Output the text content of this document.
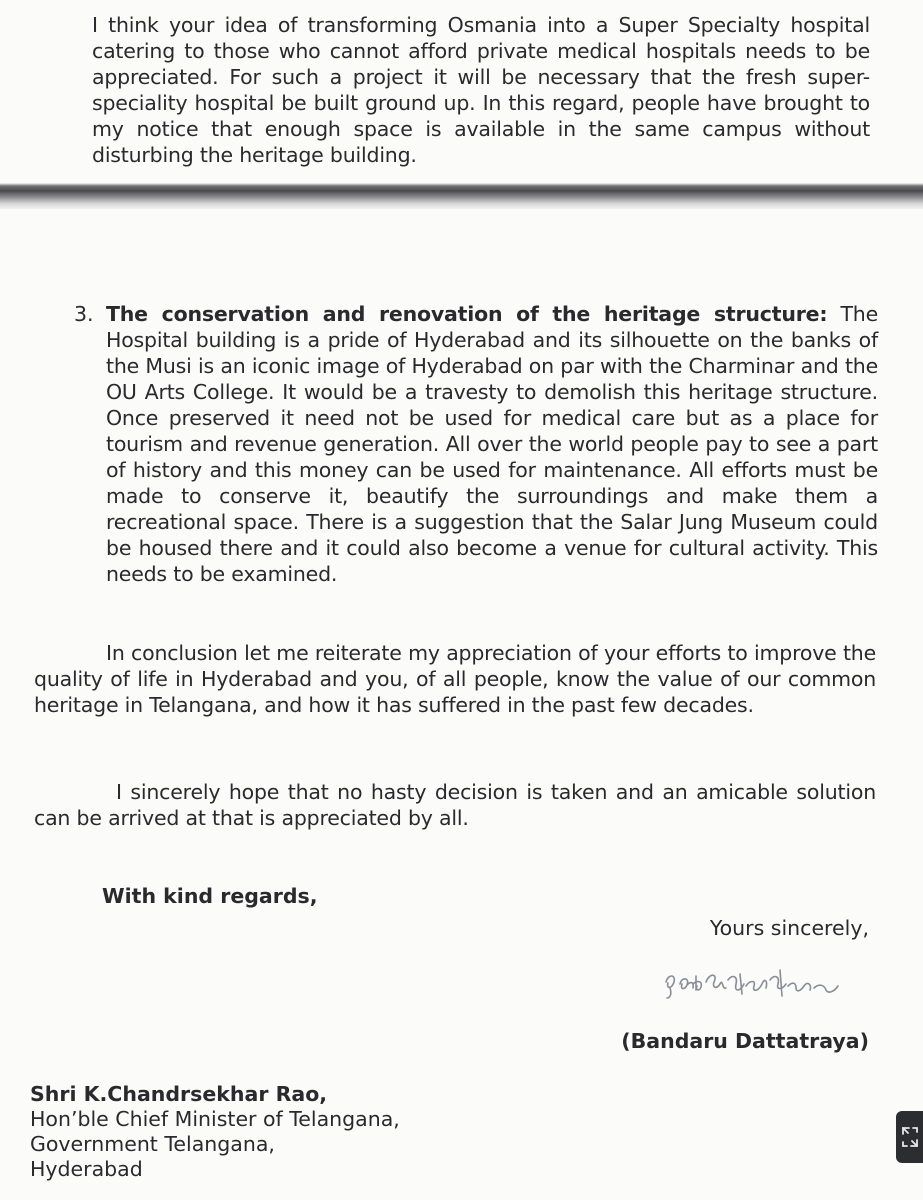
I think your idea of transforming Osmania into a Super Specialty hospital catering to those who cannot afford private medical hospitals needs to be appreciated. For such a project it will be necessary that the fresh super-speciality hospital be built ground up. In this regard, people have brought to my notice that enough space is available in the same campus without disturbing the heritage building.
3. The conservation and renovation of the heritage structure: The Hospital building is a pride of Hyderabad and its silhouette on the banks of the Musi is an iconic image of Hyderabad on par with the Charminar and the OU Arts College. It would be a travesty to demolish this heritage structure. Once preserved it need not be used for medical care but as a place for tourism and revenue generation. All over the world people pay to see a part of history and this money can be used for maintenance. All efforts must be made to conserve it, beautify the surroundings and make them a recreational space. There is a suggestion that the Salar Jung Museum could be housed there and it could also become a venue for cultural activity. This needs to be examined.
In conclusion let me reiterate my appreciation of your efforts to improve the quality of life in Hyderabad and you, of all people, know the value of our common heritage in Telangana, and how it has suffered in the past few decades.
I sincerely hope that no hasty decision is taken and an amicable solution can be arrived at that is appreciated by all.
With kind regards,
Yours sincerely,
(Bandaru Dattatraya)
Shri K.Chandrsekhar Rao,
Hon’ble Chief Minister of Telangana,
Government Telangana,
Hyderabad
